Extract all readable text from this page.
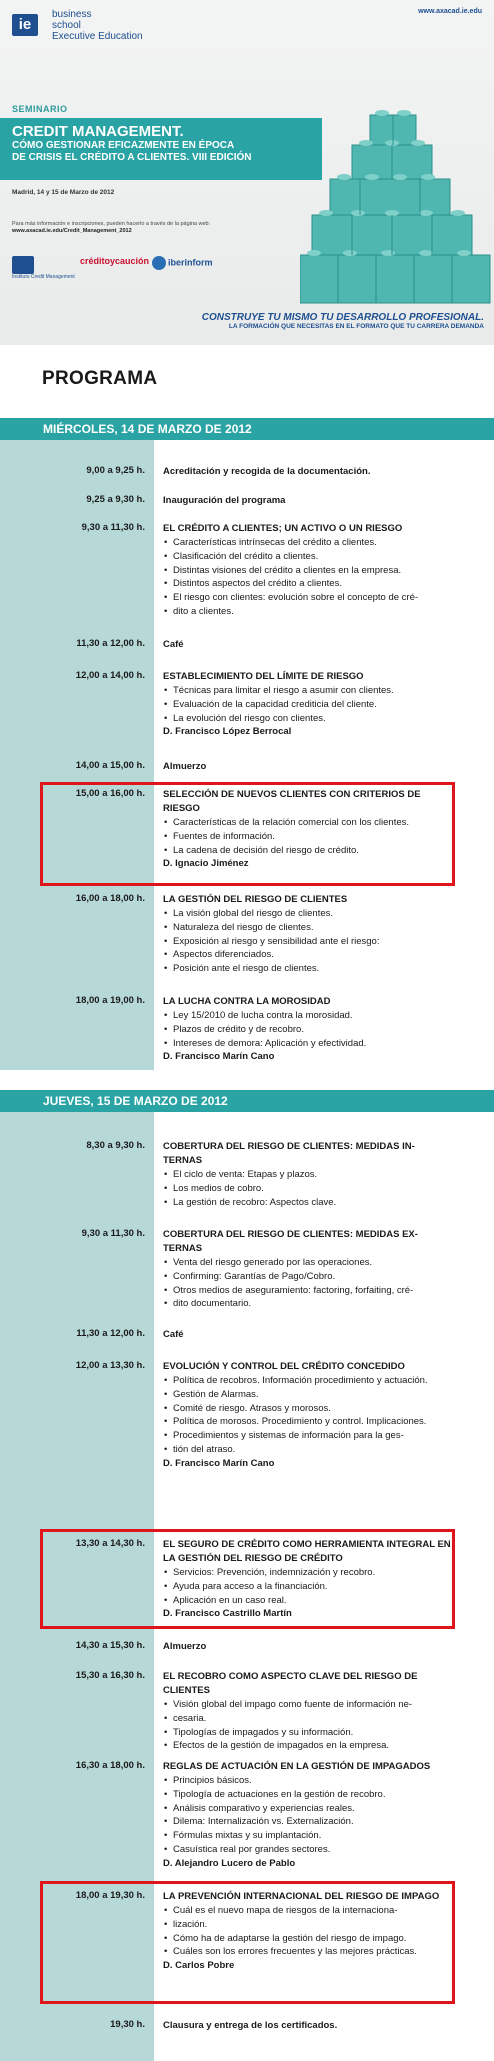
ie
business
school
Executive Education
www.axacad.ie.edu
SEMINARIO
CREDIT MANAGEMENT.
CÓMO GESTIONAR EFICAZMENTE EN ÉPOCA
DE CRISIS EL CRÉDITO A CLIENTES. VIII EDICIÓN
Madrid, 14 y 15 de Marzo de 2012
Para más información e inscripciones, pueden hacerlo a través de la página web:
www.axacad.ie.edu/Credit_Management_2012
Instituto Credit Management
créditoycaución	iberinform
CONSTRUYE TU MISMO TU DESARROLLO PROFESIONAL.
LA FORMACIÓN QUE NECESITAS EN EL FORMATO QUE TU CARRERA DEMANDA
PROGRAMA
MIÉRCOLES, 14 DE MARZO DE 2012
9,00 a 9,25 h. Acreditación y recogida de la documentación.
9,25 a 9,30 h. Inauguración del programa
9,30 a 11,30 h. EL CRÉDITO A CLIENTES; UN ACTIVO O UN RIESGO
• Características intrínsecas del crédito a clientes.
• Clasificación del crédito a clientes.
• Distintas visiones del crédito a clientes en la empresa.
• Distintos aspectos del crédito a clientes.
• El riesgo con clientes: evolución sobre el concepto de cré-
• dito a clientes.
11,30 a 12,00 h. Café
12,00 a 14,00 h. ESTABLECIMIENTO DEL LÍMITE DE RIESGO
• Técnicas para limitar el riesgo a asumir con clientes.
• Evaluación de la capacidad crediticia del cliente.
• La evolución del riesgo con clientes.
D. Francisco López Berrocal
14,00 a 15,00 h. Almuerzo
15,00 a 16,00 h. SELECCIÓN DE NUEVOS CLIENTES CON CRITERIOS DE RIESGO
• Características de la relación comercial con los clientes.
• Fuentes de información.
• La cadena de decisión del riesgo de crédito.
D. Ignacio Jiménez
16,00 a 18,00 h. LA GESTIÓN DEL RIESGO DE CLIENTES
• La visión global del riesgo de clientes.
• Naturaleza del riesgo de clientes.
• Exposición al riesgo y sensibilidad ante el riesgo:
• Aspectos diferenciados.
• Posición ante el riesgo de clientes.
18,00 a 19,00 h. LA LUCHA CONTRA LA MOROSIDAD
• Ley 15/2010 de lucha contra la morosidad.
• Plazos de crédito y de recobro.
• Intereses de demora: Aplicación y efectividad.
D. Francisco Marín Cano
JUEVES, 15 DE MARZO DE 2012
8,30 a 9,30 h. COBERTURA DEL RIESGO DE CLIENTES: MEDIDAS IN-TERNAS
• El ciclo de venta: Etapas y plazos.
• Los medios de cobro.
• La gestión de recobro: Aspectos clave.
9,30 a 11,30 h. COBERTURA DEL RIESGO DE CLIENTES: MEDIDAS EX-TERNAS
• Venta del riesgo generado por las operaciones.
• Confirming: Garantías de Pago/Cobro.
• Otros medios de aseguramiento: factoring, forfaiting, cré-
• dito documentario.
11,30 a 12,00 h. Café
12,00 a 13,30 h. EVOLUCIÓN Y CONTROL DEL CRÉDITO CONCEDIDO
• Política de recobros. Información procedimiento y actuación.
• Gestión de Alarmas.
• Comité de riesgo. Atrasos y morosos.
• Política de morosos. Procedimiento y control. Implicaciones.
• Procedimientos y sistemas de información para la ges-
• tión del atraso.
D. Francisco Marín Cano
13,30 a 14,30 h. EL SEGURO DE CRÉDITO COMO HERRAMIENTA INTEGRAL EN LA GESTIÓN DEL RIESGO DE CRÉDITO
• Servicios: Prevención, indemnización y recobro.
• Ayuda para acceso a la financiación.
• Aplicación en un caso real.
D. Francisco Castrillo Martín
14,30 a 15,30 h. Almuerzo
15,30 a 16,30 h. EL RECOBRO COMO ASPECTO CLAVE DEL RIESGO DE CLIENTES
• Visión global del impago como fuente de información ne-
• cesaria.
• Tipologías de impagados y su información.
• Efectos de la gestión de impagados en la empresa.
16,30 a 18,00 h. REGLAS DE ACTUACIÓN EN LA GESTIÓN DE IMPAGADOS
• Principios básicos.
• Tipología de actuaciones en la gestión de recobro.
• Análisis comparativo y experiencias reales.
• Dilema: Internalización vs. Externalización.
• Fórmulas mixtas y su implantación.
• Casuística real por grandes sectores.
D. Alejandro Lucero de Pablo
18,00 a 19,30 h. LA PREVENCIÓN INTERNACIONAL DEL RIESGO DE IMPAGO
• Cuál es el nuevo mapa de riesgos de la internaciona-
• lización.
• Cómo ha de adaptarse la gestión del riesgo de impago.
• Cuáles son los errores frecuentes y las mejores prácticas.
D. Carlos Pobre
19,30 h. Clausura y entrega de los certificados.
